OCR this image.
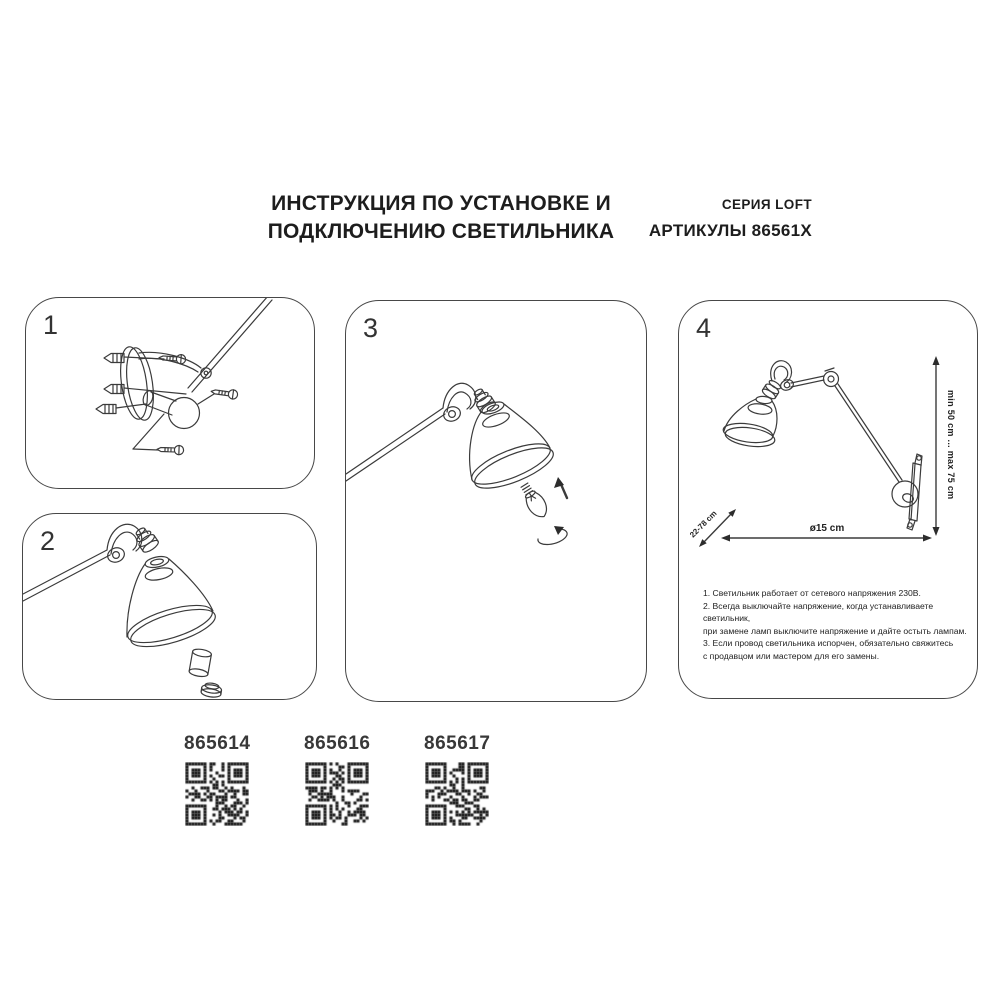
ИНСТРУКЦИЯ ПО УСТАНОВКЕ И
ПОДКЛЮЧЕНИЮ СВЕТИЛЬНИКА
СЕРИЯ LOFT
АРТИКУЛЫ 86561X
1
2
3
min 50 cm ... max 75 cm
ø15 cm
22-78 cm
4
1. Светильник работает от сетевого напряжения 230В.
2. Всегда выключайте напряжение, когда устанавливаете светильник,
при замене ламп выключите напряжение и дайте остыть лампам.
3. Если провод светильника испорчен, обязательно свяжитесь
с продавцом или мастером для его замены.
865614	865616	865617
